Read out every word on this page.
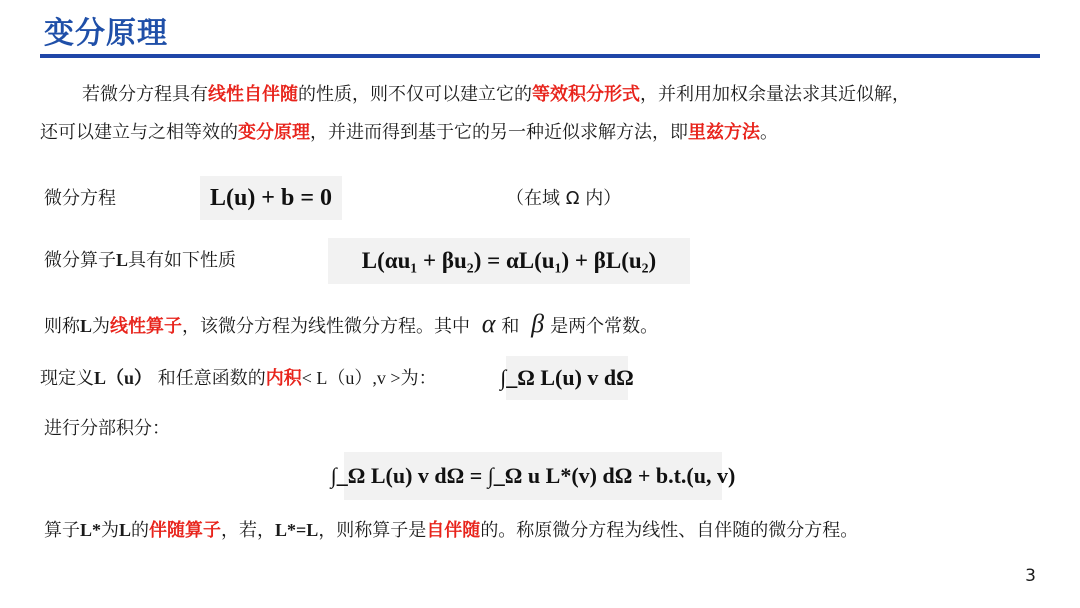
变分原理
若微分方程具有线性自伴随的性质，则不仅可以建立它的等效积分形式，并利用加权余量法求其近似解，
还可以建立与之相等效的变分原理，并进而得到基于它的另一种近似求解方法，即里兹方法。
微分方程	L(u) + b = 0	（在域 Ω 内）
微分算子L具有如下性质	L(αu₁ + βu₂) = αL(u₁) + βL(u₂)
则称L为线性算子，该微分方程为线性微分方程。其中 α 和 β 是两个常数。
现定义L（u） 和任意函数的内积< L（u）,v >为：	∫_Ω L(u) v dΩ
进行分部积分：
∫_Ω L(u) v dΩ = ∫_Ω u L*(v) dΩ + b.t.(u, v)
算子L*为L的伴随算子，若，L*=L，则称算子是自伴随的。称原微分方程为线性、自伴随的微分方程。
3
